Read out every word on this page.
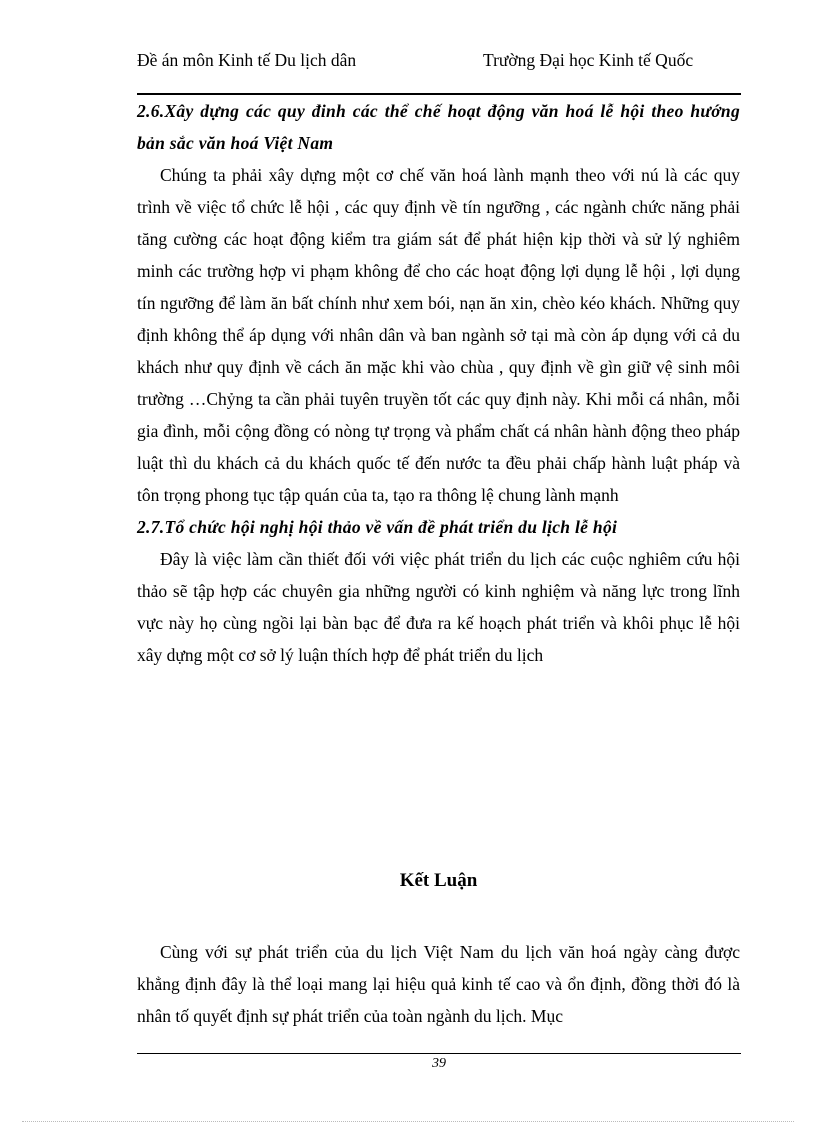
Đề án môn Kinh tế Du lịch dân	Trường Đại học Kinh tế Quốc

2.6.Xây dựng các quy đinh các thể chế hoạt động văn hoá lễ hội theo hướng bản sắc văn hoá Việt Nam

Chúng ta phải xây dựng một cơ chế văn hoá lành mạnh theo với nú là các quy trình về việc tổ chức lễ hội , các quy định về tín ngưỡng , các ngành chức năng phải tăng cường các hoạt động kiểm tra giám sát để phát hiện kịp thời và sử lý nghiêm minh các trường hợp vi phạm không để cho các hoạt động lợi dụng lễ hội , lợi dụng tín ngưỡng để làm ăn bất chính như xem bói, nạn ăn xin, chèo kéo khách. Những quy định không thể áp dụng với nhân dân và ban ngành sở tại mà còn áp dụng với cả du khách như quy định về cách ăn mặc khi vào chùa , quy định về gìn giữ vệ sinh môi trường …Chỷng ta cần phải tuyên truyền tốt các quy định này. Khi mỗi cá nhân, mỗi gia đình, mỗi cộng đồng có nòng tự trọng và phẩm chất cá nhân hành động theo pháp luật thì du khách cả du khách quốc tế đến nước ta đều phải chấp hành luật pháp và tôn trọng phong tục tập quán của ta, tạo ra thông lệ chung lành mạnh

2.7.Tổ chức hội nghị hội thảo về vấn đề phát triển du lịch lễ hội

Đây là việc làm cần thiết đối với việc phát triển du lịch các cuộc nghiêm cứu hội thảo sẽ tập hợp các chuyên gia những người có kinh nghiệm và năng lực trong lĩnh vực này họ cùng ngồi lại bàn bạc để đưa ra kế hoạch phát triển và khôi phục lễ hội xây dựng một cơ sở lý luận thích hợp để phát triển du lịch

Kết Luận

Cùng với sự phát triển của du lịch Việt Nam du lịch văn hoá ngày càng được khẳng định đây là thể loại mang lại hiệu quả kinh tế cao và ổn định, đồng thời đó là nhân tố quyết định sự phát triển của toàn ngành du lịch. Mục

39
